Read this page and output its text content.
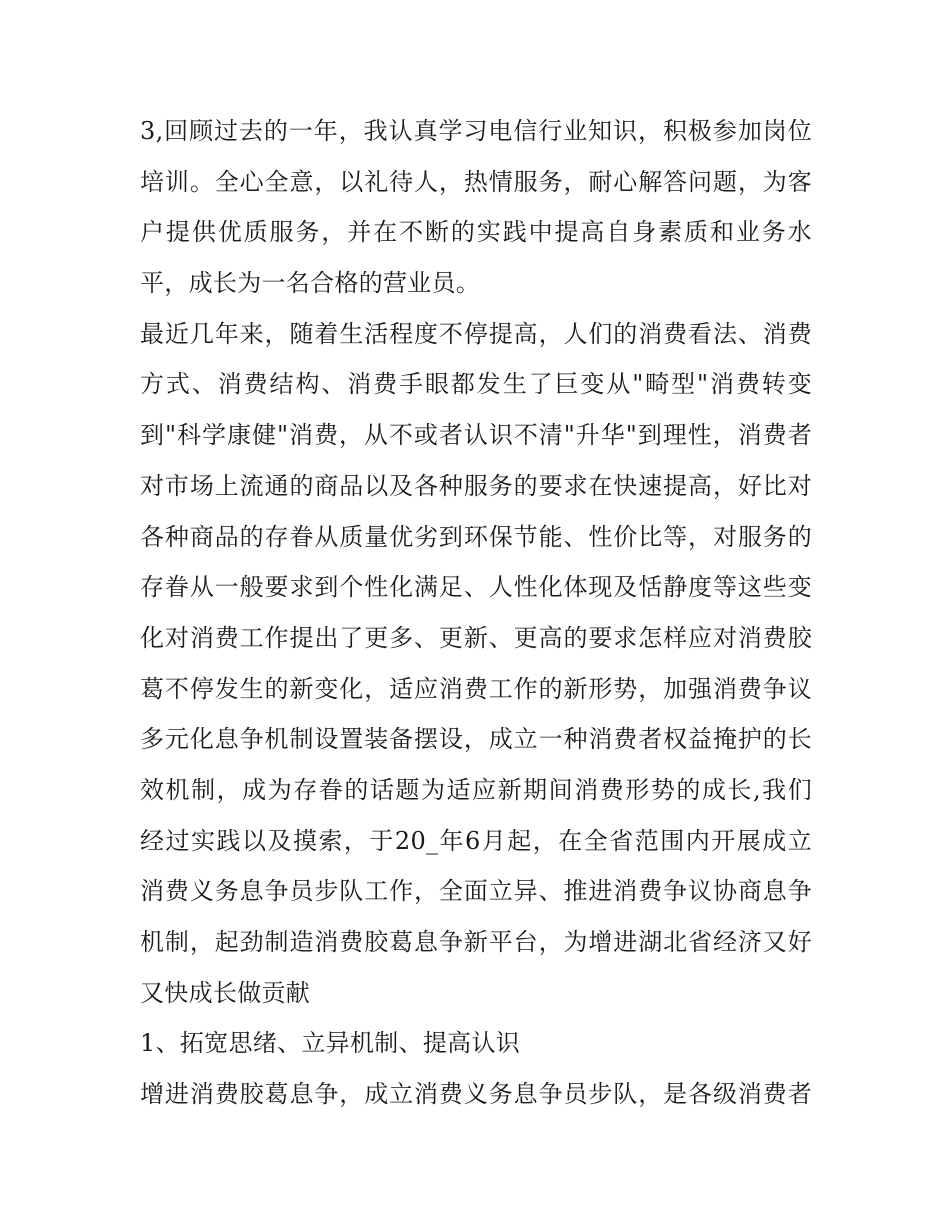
3,回顾过去的一年，我认真学习电信行业知识，积极参加岗位
培训。全心全意，以礼待人，热情服务，耐心解答问题，为客
户提供优质服务，并在不断的实践中提高自身素质和业务水
平，成长为一名合格的营业员。
最近几年来，随着生活程度不停提高，人们的消费看法、消费
方式、消费结构、消费手眼都发生了巨变从"畸型"消费转变
到"科学康健"消费，从不或者认识不清"升华"到理性，消费者
对市场上流通的商品以及各种服务的要求在快速提高，好比对
各种商品的存眷从质量优劣到环保节能、性价比等，对服务的
存眷从一般要求到个性化满足、人性化体现及恬静度等这些变
化对消费工作提出了更多、更新、更高的要求怎样应对消费胶
葛不停发生的新变化，适应消费工作的新形势，加强消费争议
多元化息争机制设置装备摆设，成立一种消费者权益掩护的长
效机制，成为存眷的话题为适应新期间消费形势的成长,我们
经过实践以及摸索，于20_年6月起，在全省范围内开展成立
消费义务息争员步队工作，全面立异、推进消费争议协商息争
机制，起劲制造消费胶葛息争新平台，为增进湖北省经济又好
又快成长做贡献
1、拓宽思绪、立异机制、提高认识
增进消费胶葛息争，成立消费义务息争员步队，是各级消费者
